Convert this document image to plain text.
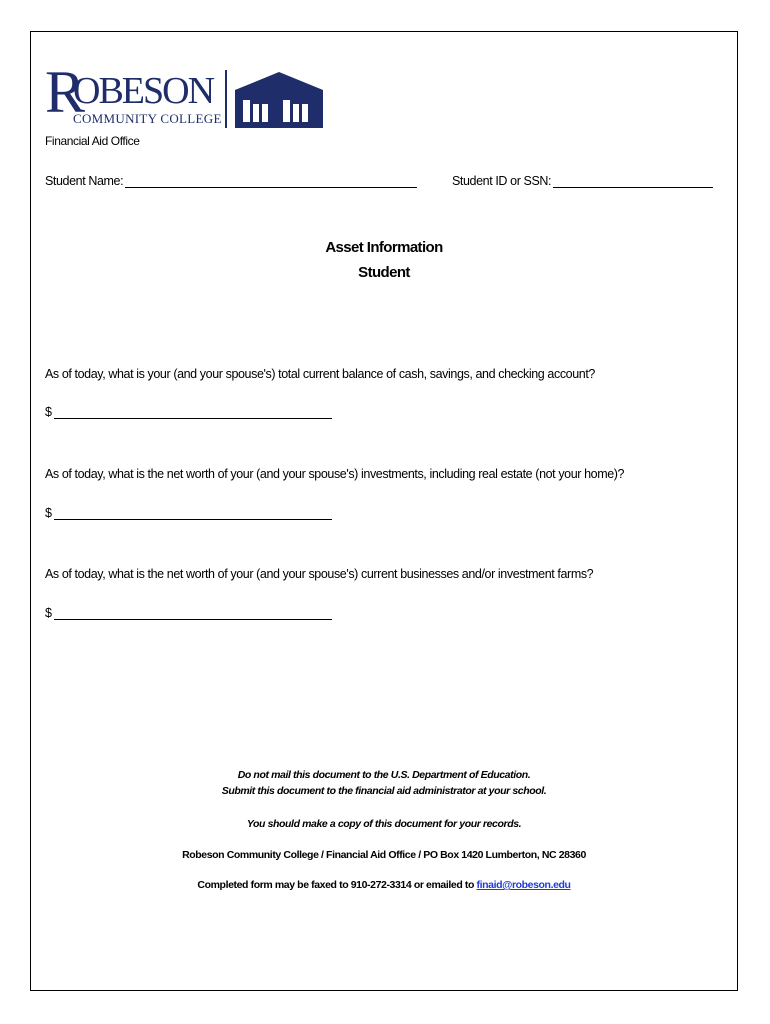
R
OBESON
COMMUNITY COLLEGE
Financial Aid Office
Student Name:	Student ID or SSN:
Asset Information
Student
As of today, what is your (and your spouse's) total current balance of cash, savings, and checking account?
$
As of today, what is the net worth of your (and your spouse's) investments, including real estate (not your home)?
$
As of today, what is the net worth of your (and your spouse's) current businesses and/or investment farms?
$
Do not mail this document to the U.S. Department of Education.
Submit this document to the financial aid administrator at your school.
You should make a copy of this document for your records.
Robeson Community College / Financial Aid Office / PO Box 1420 Lumberton, NC 28360
Completed form may be faxed to 910-272-3314 or emailed to finaid@robeson.edu
